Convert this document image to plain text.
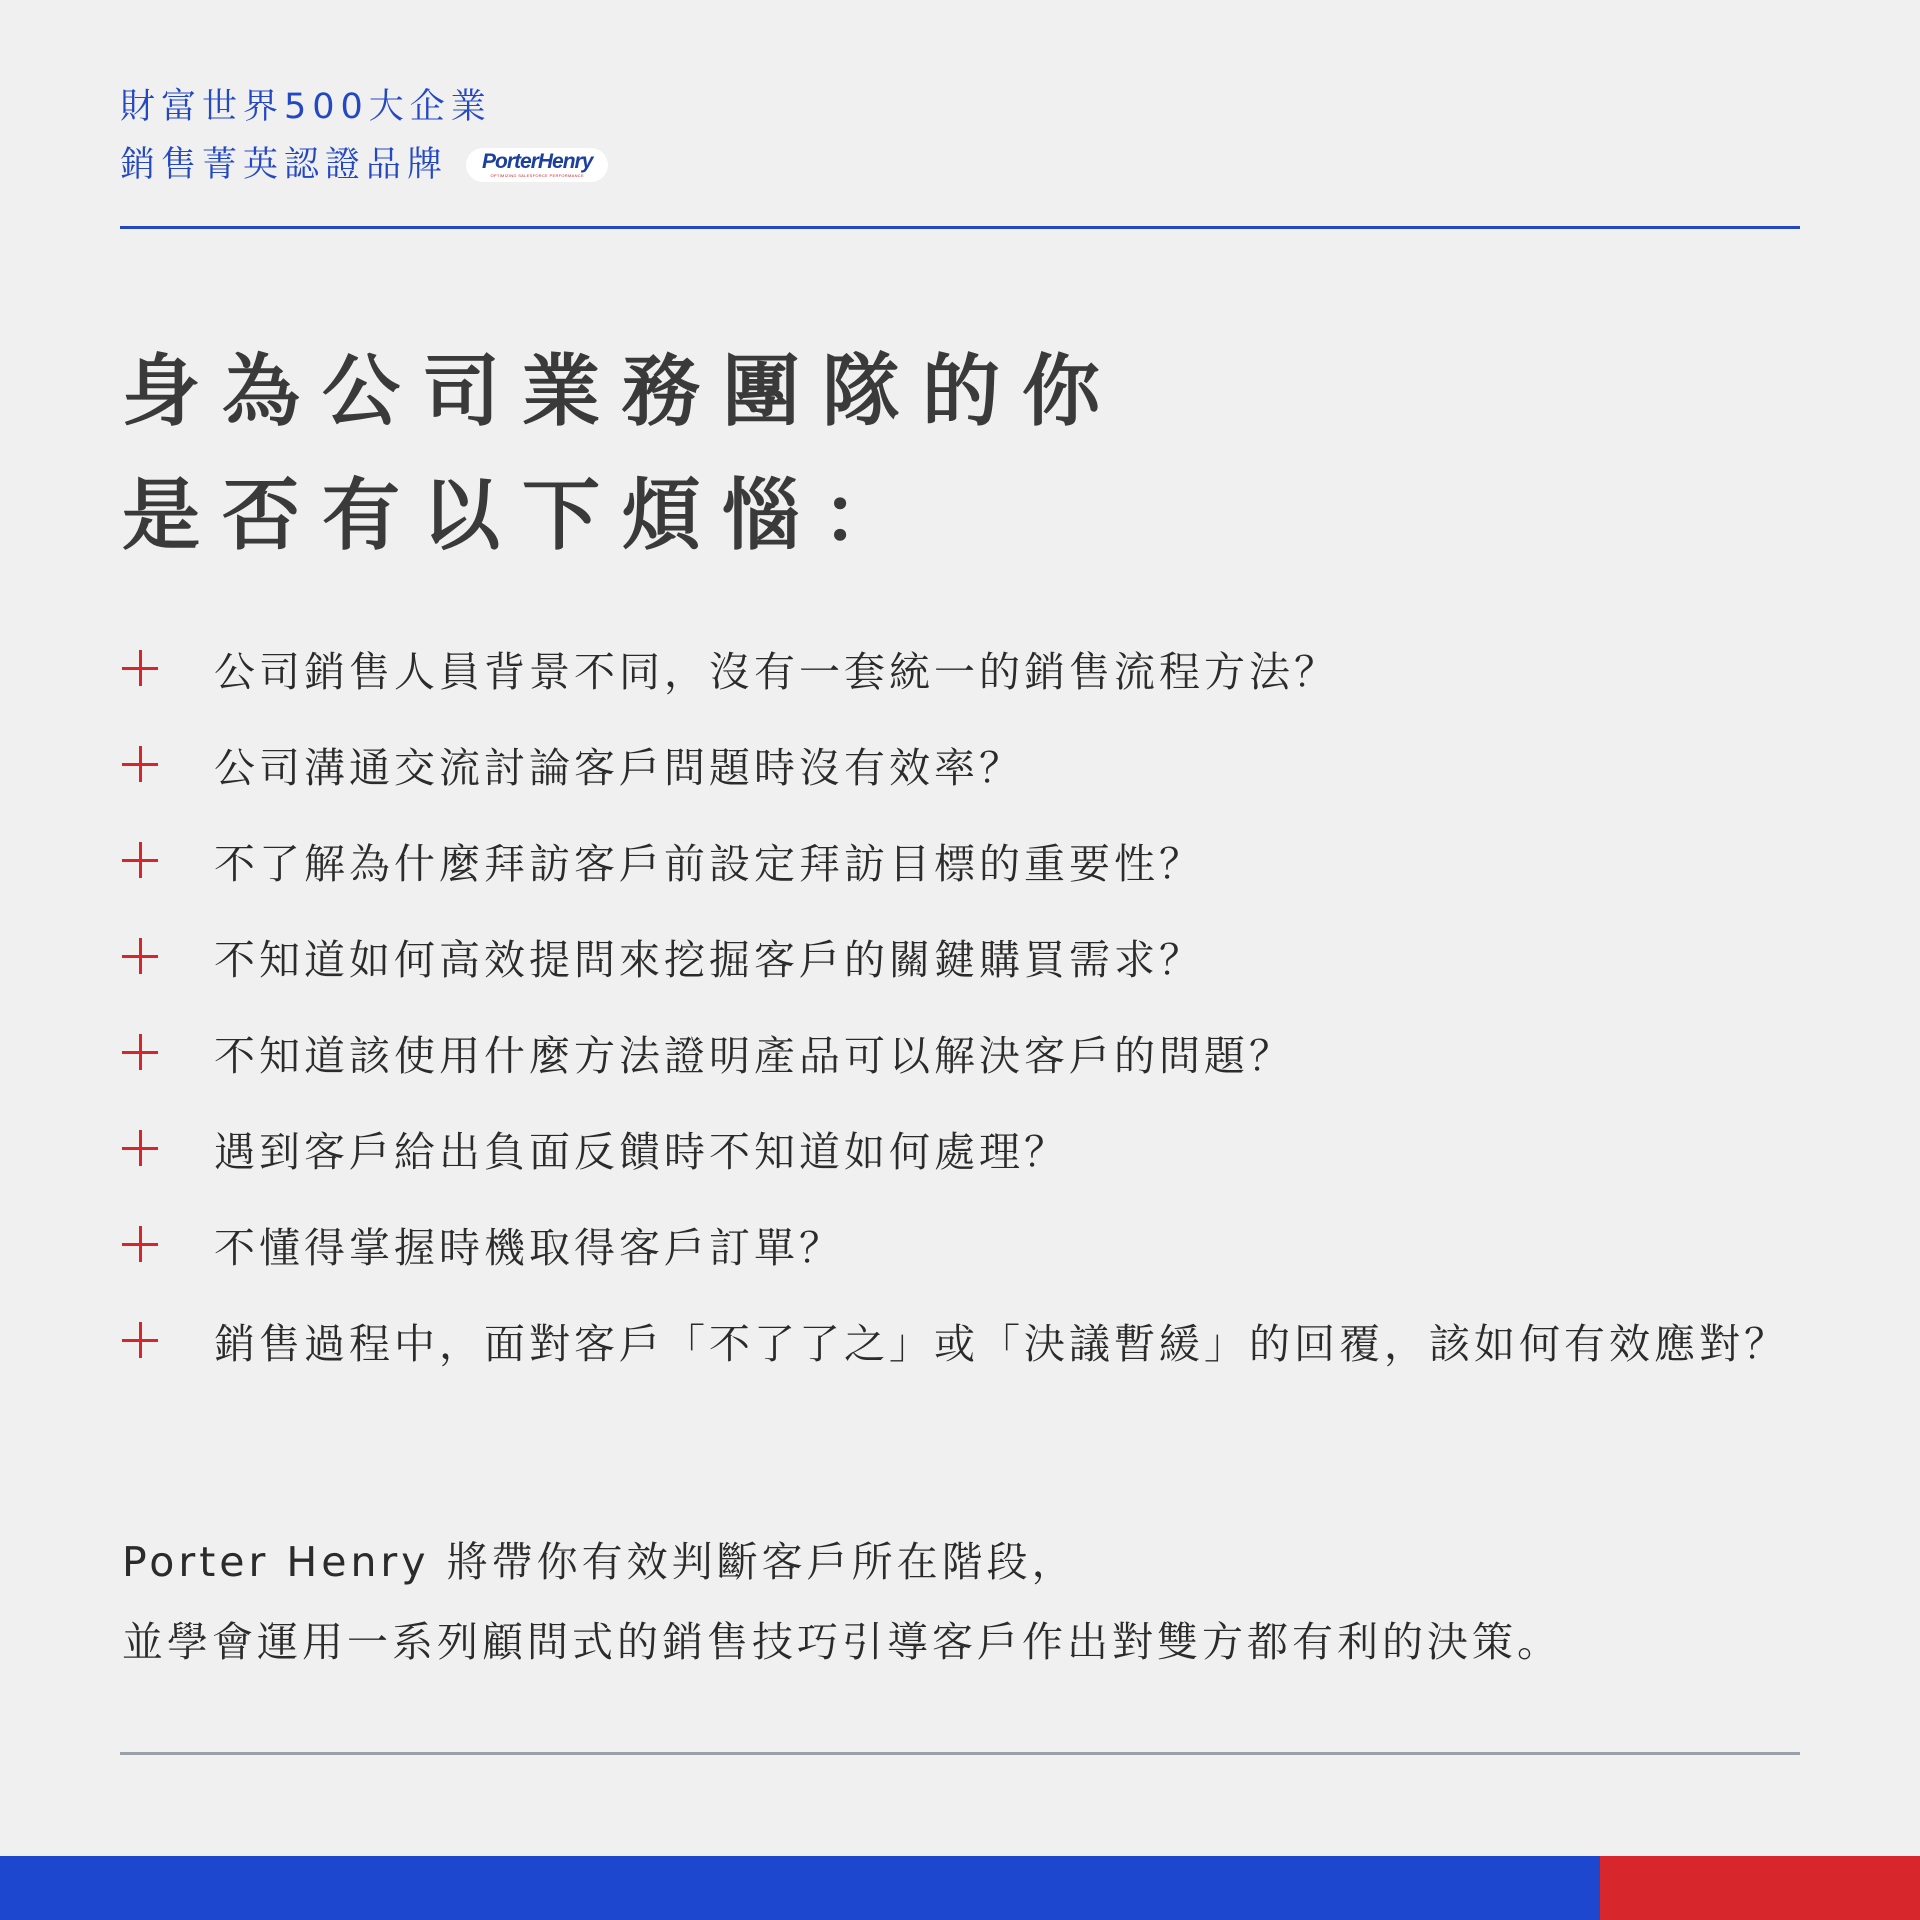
財富世界500大企業
銷售菁英認證品牌 PorterHenry
OPTIMIZING SALESFORCE PERFORMANCE
身為公司業務團隊的你
是否有以下煩惱：
公司銷售人員背景不同，沒有一套統一的銷售流程方法？
公司溝通交流討論客戶問題時沒有效率？
不了解為什麼拜訪客戶前設定拜訪目標的重要性？
不知道如何高效提問來挖掘客戶的關鍵購買需求？
不知道該使用什麼方法證明產品可以解決客戶的問題？
遇到客戶給出負面反饋時不知道如何處理？
不懂得掌握時機取得客戶訂單？
銷售過程中，面對客戶「不了了之」或「決議暫緩」的回覆，該如何有效應對？
Porter Henry 將帶你有效判斷客戶所在階段，
並學會運用一系列顧問式的銷售技巧引導客戶作出對雙方都有利的決策。
